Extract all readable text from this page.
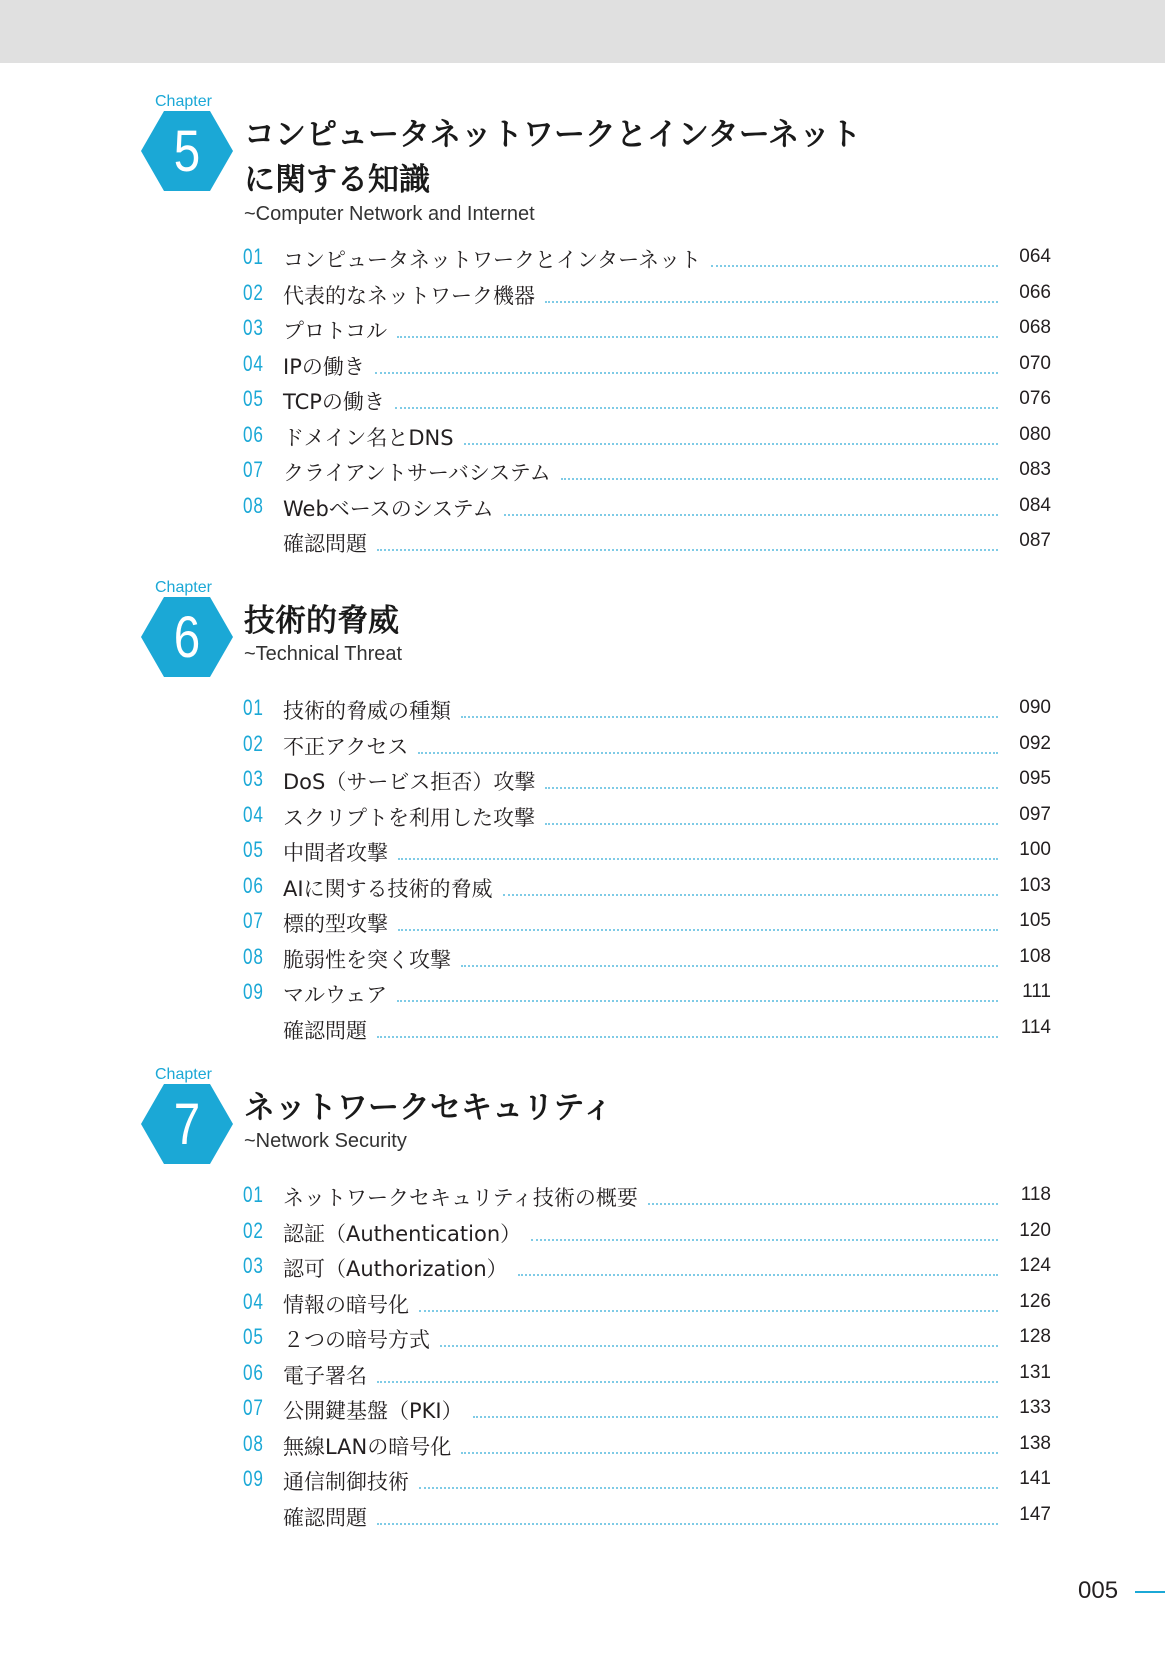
Chapter
5 コンピュータネットワークとインターネットに関する知識
~Computer Network and Internet
01 コンピュータネットワークとインターネット	064
02 代表的なネットワーク機器	066
03 プロトコル	068
04 IPの働き	070
05 TCPの働き	076
06 ドメイン名とDNS	080
07 クライアントサーバシステム	083
08 Webベースのシステム	084
確認問題	087
Chapter
6 技術的脅威
~Technical Threat
01 技術的脅威の種類	090
02 不正アクセス	092
03 DoS（サービス拒否）攻撃	095
04 スクリプトを利用した攻撃	097
05 中間者攻撃	100
06 AIに関する技術的脅威	103
07 標的型攻撃	105
08 脆弱性を突く攻撃	108
09 マルウェア	111
確認問題	114
Chapter
7 ネットワークセキュリティ
~Network Security
01 ネットワークセキュリティ技術の概要	118
02 認証（Authentication）	120
03 認可（Authorization）	124
04 情報の暗号化	126
05 ２つの暗号方式	128
06 電子署名	131
07 公開鍵基盤（PKI）	133
08 無線LANの暗号化	138
09 通信制御技術	141
確認問題	147
005
